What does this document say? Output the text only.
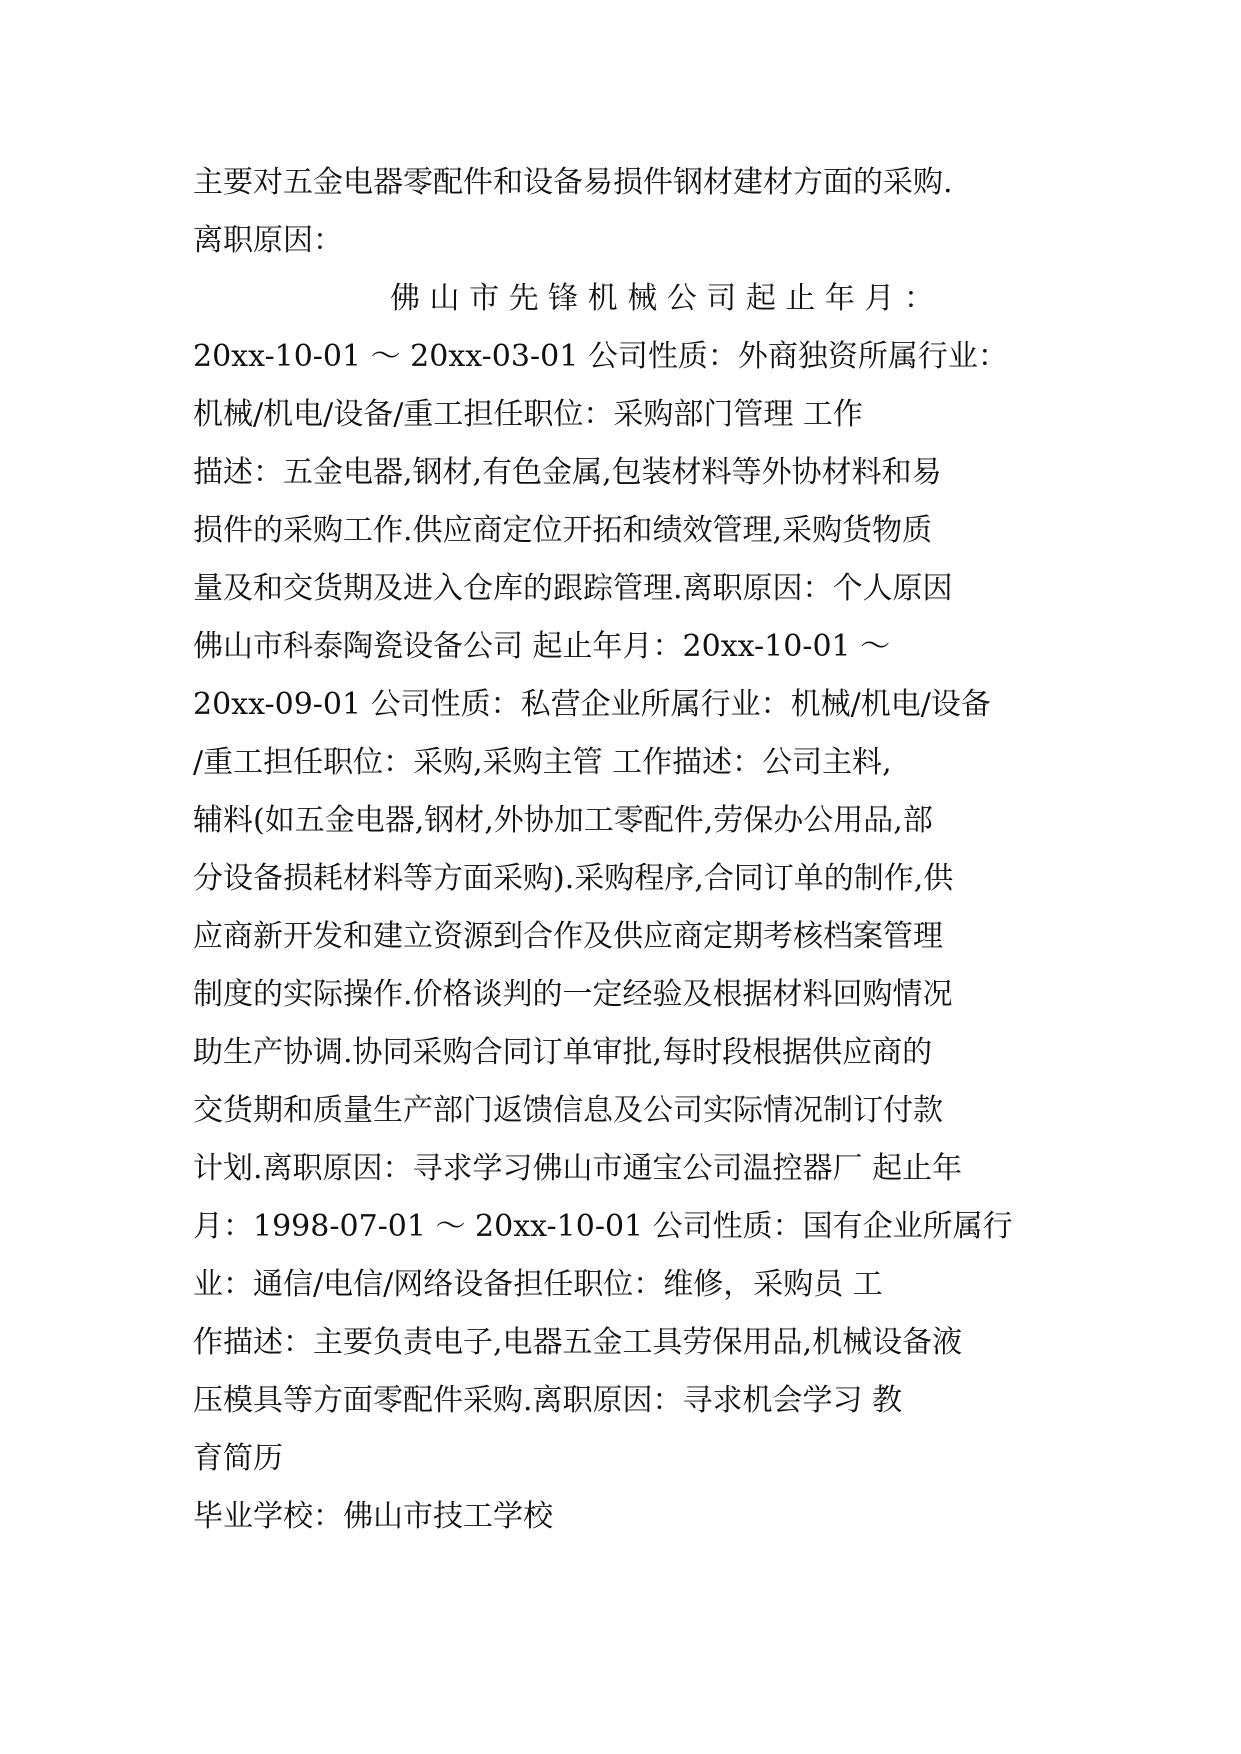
主要对五金电器零配件和设备易损件钢材建材方面的采购.
离职原因：
佛 山 市 先 锋 机 械 公 司 起 止 年 月 ：
20xx-10-01 ～ 20xx-03-01 公司性质：外商独资所属行业：
机械/机电/设备/重工担任职位：采购部门管理 工作
描述：五金电器,钢材,有色金属,包装材料等外协材料和易
损件的采购工作.供应商定位开拓和绩效管理,采购货物质
量及和交货期及进入仓库的跟踪管理.离职原因：个人原因
佛山市科泰陶瓷设备公司 起止年月：20xx-10-01 ～
20xx-09-01 公司性质：私营企业所属行业：机械/机电/设备
/重工担任职位：采购,采购主管 工作描述：公司主料,
辅料(如五金电器,钢材,外协加工零配件,劳保办公用品,部
分设备损耗材料等方面采购).采购程序,合同订单的制作,供
应商新开发和建立资源到合作及供应商定期考核档案管理
制度的实际操作.价格谈判的一定经验及根据材料回购情况
助生产协调.协同采购合同订单审批,每时段根据供应商的
交货期和质量生产部门返馈信息及公司实际情况制订付款
计划.离职原因：寻求学习佛山市通宝公司温控器厂 起止年
月：1998-07-01 ～ 20xx-10-01 公司性质：国有企业所属行
业：通信/电信/网络设备担任职位：维修，采购员 工
作描述：主要负责电子,电器五金工具劳保用品,机械设备液
压模具等方面零配件采购.离职原因：寻求机会学习 教
育简历
毕业学校：佛山市技工学校
